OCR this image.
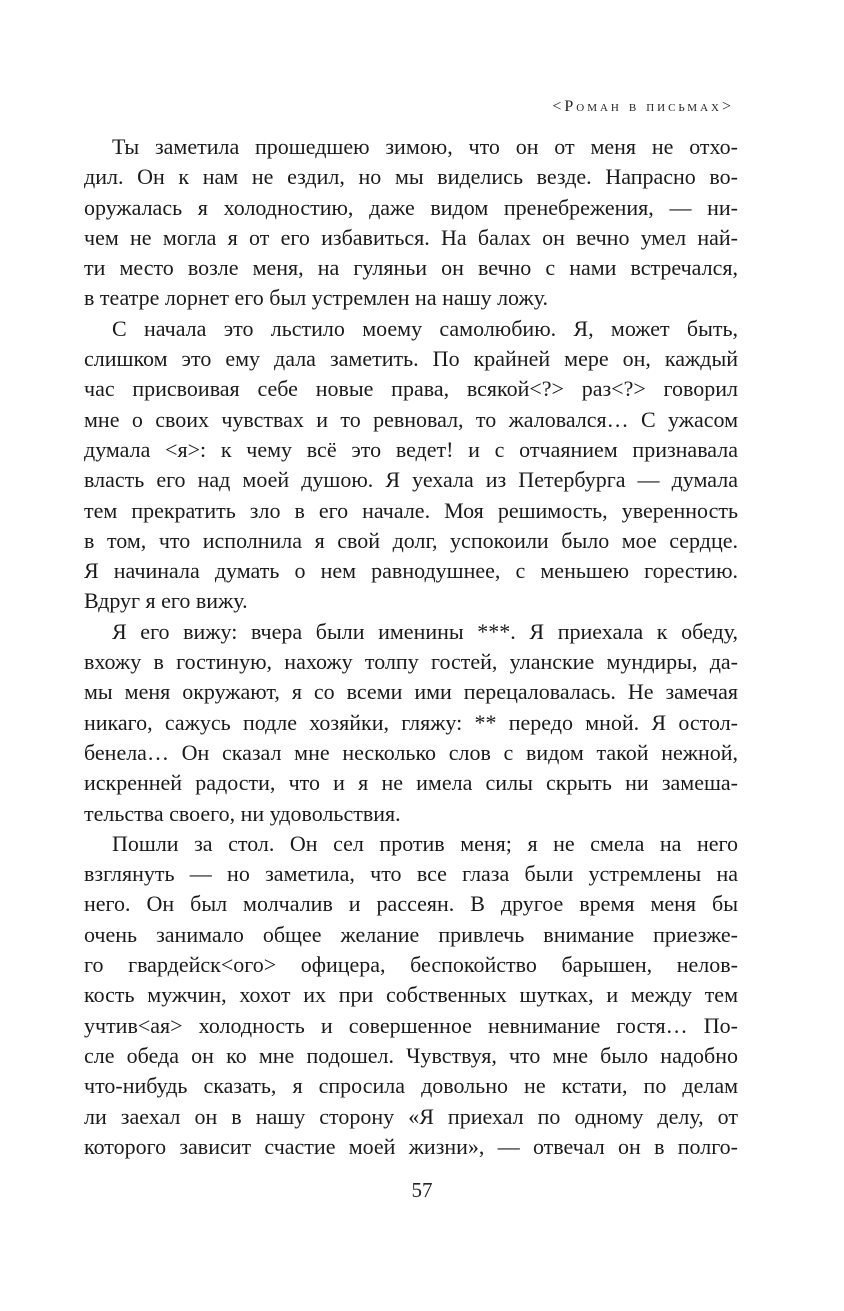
<Роман в письмах>
Ты заметила прошедшею зимою, что он от меня не отхо-
дил. Он к нам не ездил, но мы виделись везде. Напрасно во-
оружалась я холодностию, даже видом пренебрежения, — ни-
чем не могла я от его избавиться. На балах он вечно умел най-
ти место возле меня, на гуляньи он вечно с нами встречался,
в театре лорнет его был устремлен на нашу ложу.
С начала это льстило моему самолюбию. Я, может быть,
слишком это ему дала заметить. По крайней мере он, каждый
час присвоивая себе новые права, всякой<?> раз<?> говорил
мне о своих чувствах и то ревновал, то жаловался… С ужасом
думала <я>: к чему всё это ведет! и с отчаянием признавала
власть его над моей душою. Я уехала из Петербурга — думала
тем прекратить зло в его начале. Моя решимость, уверенность
в том, что исполнила я свой долг, успокоили было мое сердце.
Я начинала думать о нем равнодушнее, с меньшею горестию.
Вдруг я его вижу.
Я его вижу: вчера были именины ***. Я приехала к обеду,
вхожу в гостиную, нахожу толпу гостей, уланские мундиры, да-
мы меня окружают, я со всеми ими перецаловалась. Не замечая
никаго, сажусь подле хозяйки, гляжу: ** передо мной. Я остол-
бенела… Он сказал мне несколько слов с видом такой нежной,
искренней радости, что и я не имела силы скрыть ни замеша-
тельства своего, ни удовольствия.
Пошли за стол. Он сел против меня; я не смела на него
взглянуть — но заметила, что все глаза были устремлены на
него. Он был молчалив и рассеян. В другое время меня бы
очень занимало общее желание привлечь внимание приезже-
го гвардейск<ого> офицера, беспокойство барышен, нелов-
кость мужчин, хохот их при собственных шутках, и между тем
учтив<ая> холодность и совершенное невнимание гостя… По-
сле обеда он ко мне подошел. Чувствуя, что мне было надобно
что-нибудь сказать, я спросила довольно не кстати, по делам
ли заехал он в нашу сторону «Я приехал по одному делу, от
которого зависит счастие моей жизни», — отвечал он в полго-
57
